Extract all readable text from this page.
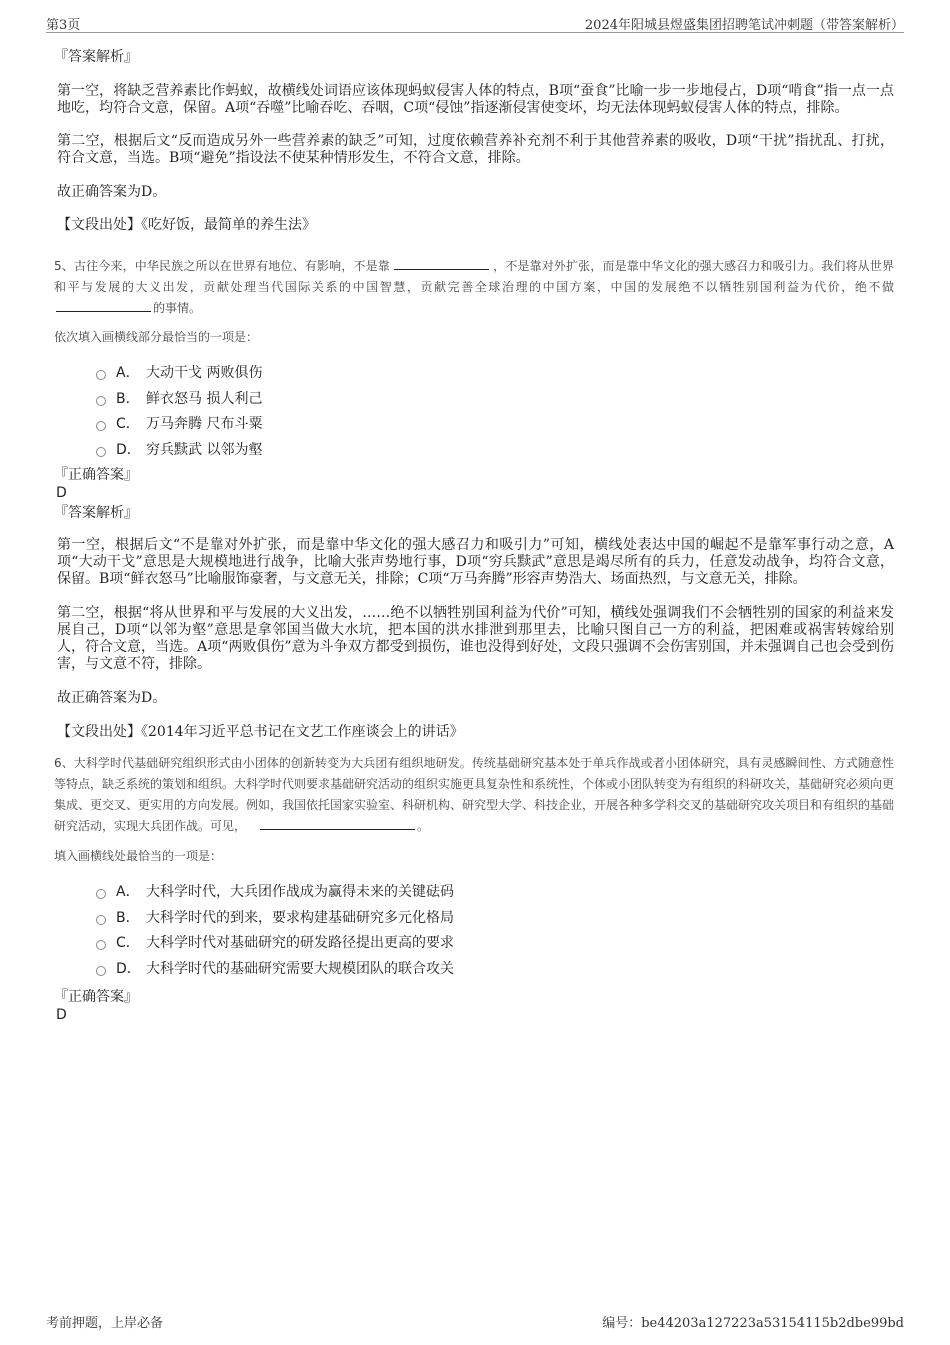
第3页	2024年阳城县煜盛集团招聘笔试冲刺题（带答案解析）

『答案解析』

第一空，将缺乏营养素比作蚂蚁，故横线处词语应该体现蚂蚁侵害人体的特点，B项“蚕食”比喻一步一步地侵占，D项“啃食”指一点一点地吃，均符合文意，保留。A项“吞噬”比喻吞吃、吞咽，C项“侵蚀”指逐渐侵害使变坏，均无法体现蚂蚁侵害人体的特点，排除。

第二空，根据后文“反而造成另外一些营养素的缺乏”可知，过度依赖营养补充剂不利于其他营养素的吸收，D项“干扰”指扰乱、打扰，符合文意，当选。B项“避免”指设法不使某种情形发生，不符合文意，排除。

故正确答案为D。

【文段出处】《吃好饭，最简单的养生法》

5、古往今来，中华民族之所以在世界有地位、有影响，不是靠	，不是靠对外扩张，而是靠中华文化的强大感召力和吸引力。我们将从世界和平与发展的大义出发，贡献处理当代国际关系的中国智慧，贡献完善全球治理的中国方案，中国的发展绝不以牺牲别国利益为代价，绝不做的事情。

依次填入画横线部分最恰当的一项是：

A． 大动干戈 两败俱伤
B． 鲜衣怒马 损人利己
C． 万马奔腾 尺布斗粟
D． 穷兵黩武 以邻为壑

『正确答案』

D

『答案解析』

第一空，根据后文“不是靠对外扩张，而是靠中华文化的强大感召力和吸引力”可知，横线处表达中国的崛起不是靠军事行动之意，A项“大动干戈”意思是大规模地进行战争，比喻大张声势地行事，D项“穷兵黩武”意思是竭尽所有的兵力，任意发动战争，均符合文意，保留。B项“鲜衣怒马”比喻服饰豪奢，与文意无关，排除；C项“万马奔腾”形容声势浩大、场面热烈，与文意无关，排除。

第二空，根据“将从世界和平与发展的大义出发，……绝不以牺牲别国利益为代价”可知，横线处强调我们不会牺牲别的国家的利益来发展自己，D项“以邻为壑”意思是拿邻国当做大水坑，把本国的洪水排泄到那里去，比喻只图自己一方的利益，把困难或祸害转嫁给别人，符合文意，当选。A项“两败俱伤”意为斗争双方都受到损伤，谁也没得到好处，文段只强调不会伤害别国，并未强调自己也会受到伤害，与文意不符，排除。

故正确答案为D。

【文段出处】《2014年习近平总书记在文艺工作座谈会上的讲话》

6、大科学时代基础研究组织形式由小团体的创新转变为大兵团有组织地研发。传统基础研究基本处于单兵作战或者小团体研究，具有灵感瞬间性、方式随意性等特点，缺乏系统的策划和组织。大科学时代则要求基础研究活动的组织实施更具复杂性和系统性，个体或小团队转变为有组织的科研攻关，基础研究必须向更集成、更交叉、更实用的方向发展。例如，我国依托国家实验室、科研机构、研究型大学、科技企业，开展各种多学科交叉的基础研究攻关项目和有组织的基础研究活动，实现大兵团作战。可见，	。

填入画横线处最恰当的一项是：

A． 大科学时代，大兵团作战成为赢得未来的关键砝码
B． 大科学时代的到来，要求构建基础研究多元化格局
C． 大科学时代对基础研究的研发路径提出更高的要求
D． 大科学时代的基础研究需要大规模团队的联合攻关

『正确答案』

D

考前押题，上岸必备	编号：be44203a127223a53154115b2dbe99bd
